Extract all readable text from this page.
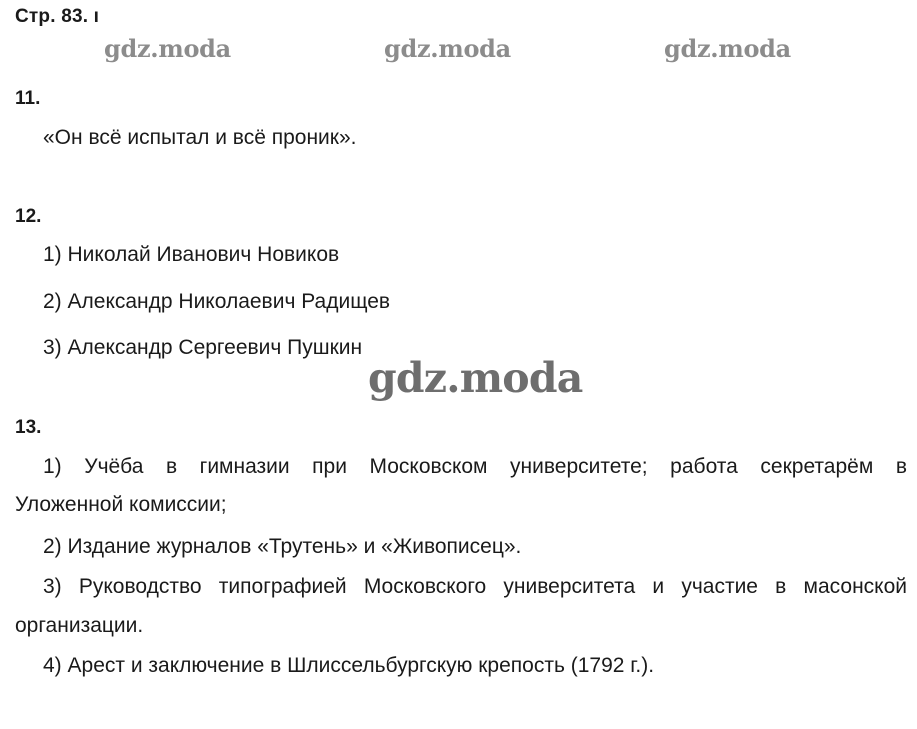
Стр. 83. ı
gdz.moda	gdz.moda	gdz.moda
11.
«Он всё испытал и всё проник».
12.
1) Николай Иванович Новиков
2) Александр Николаевич Радищев
3) Александр Сергеевич Пушкин
gdz.moda
13.
1) Учёба в гимназии при Московском университете; работа секретарём в
Уложенной комиссии;
2) Издание журналов «Трутень» и «Живописец».
3) Руководство типографией Московского университета и участие в масонской
организации.
4) Арест и заключение в Шлиссельбургскую крепость (1792 г.).
